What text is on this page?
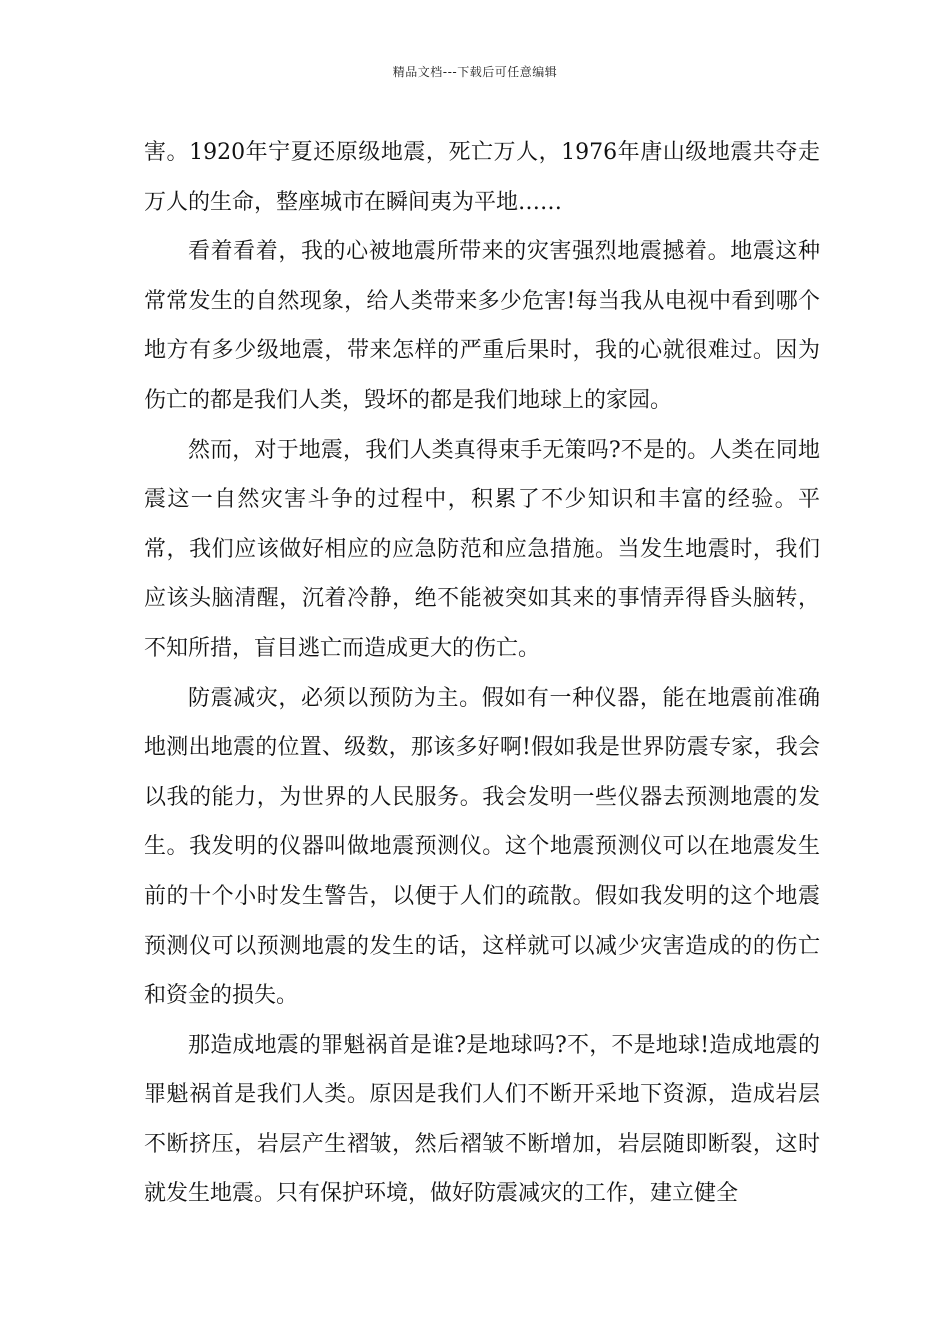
精品文档---下载后可任意编辑

害。1920年宁夏还原级地震，死亡万人，1976年唐山级地震共夺走万人的生命，整座城市在瞬间夷为平地……

看着看着，我的心被地震所带来的灾害强烈地震撼着。地震这种常常发生的自然现象，给人类带来多少危害!每当我从电视中看到哪个地方有多少级地震，带来怎样的严重后果时，我的心就很难过。因为伤亡的都是我们人类，毁坏的都是我们地球上的家园。

然而，对于地震，我们人类真得束手无策吗?不是的。人类在同地震这一自然灾害斗争的过程中，积累了不少知识和丰富的经验。平常，我们应该做好相应的应急防范和应急措施。当发生地震时，我们应该头脑清醒，沉着冷静，绝不能被突如其来的事情弄得昏头脑转，不知所措，盲目逃亡而造成更大的伤亡。

防震减灾，必须以预防为主。假如有一种仪器，能在地震前准确地测出地震的位置、级数，那该多好啊!假如我是世界防震专家，我会以我的能力，为世界的人民服务。我会发明一些仪器去预测地震的发生。我发明的仪器叫做地震预测仪。这个地震预测仪可以在地震发生前的十个小时发生警告，以便于人们的疏散。假如我发明的这个地震预测仪可以预测地震的发生的话，这样就可以减少灾害造成的的伤亡和资金的损失。

那造成地震的罪魁祸首是谁?是地球吗?不，不是地球!造成地震的罪魁祸首是我们人类。原因是我们人们不断开采地下资源，造成岩层不断挤压，岩层产生褶皱，然后褶皱不断增加，岩层随即断裂，这时就发生地震。只有保护环境，做好防震减灾的工作，建立健全
